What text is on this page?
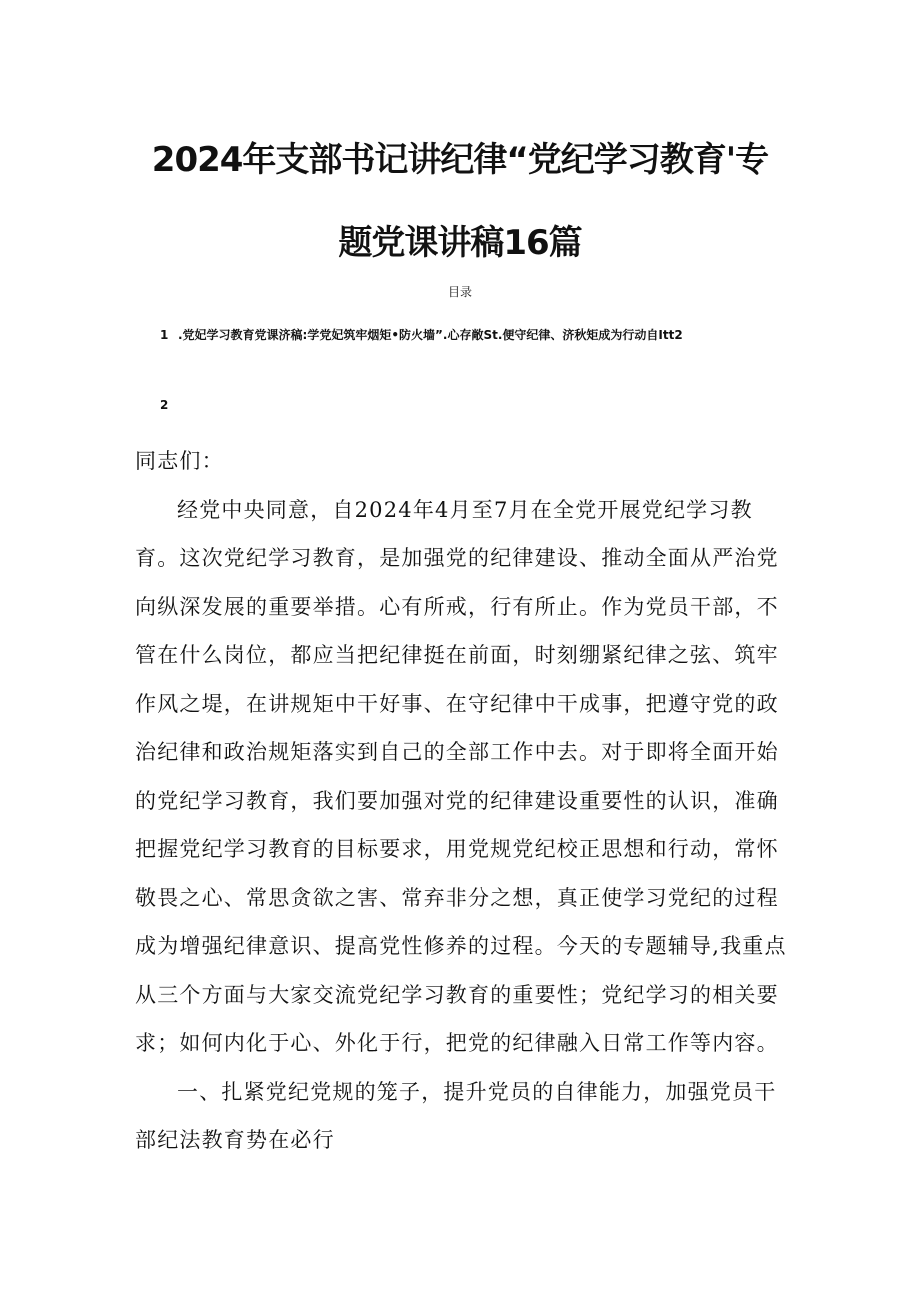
2024年支部书记讲纪律“党纪学习教育'专
题党课讲稿16篇
目录
1 .党妃学习教育党课济稿:学党妃筑牢烟矩•防火墙”.心存敞St.便守纪律、济秋矩成为行动自Itt2
2

同志们：

经党中央同意，自2024年4月至7月在全党开展党纪学习教育。这次党纪学习教育，是加强党的纪律建设、推动全面从严治党向纵深发展的重要举措。心有所戒，行有所止。作为党员干部，不管在什么岗位，都应当把纪律挺在前面，时刻绷紧纪律之弦、筑牢作风之堤，在讲规矩中干好事、在守纪律中干成事，把遵守党的政治纪律和政治规矩落实到自己的全部工作中去。对于即将全面开始的党纪学习教育，我们要加强对党的纪律建设重要性的认识，准确把握党纪学习教育的目标要求，用党规党纪校正思想和行动，常怀敬畏之心、常思贪欲之害、常弃非分之想，真正使学习党纪的过程成为增强纪律意识、提高党性修养的过程。今天的专题辅导,我重点从三个方面与大家交流党纪学习教育的重要性；党纪学习的相关要求；如何内化于心、外化于行，把党的纪律融入日常工作等内容。

一、扎紧党纪党规的笼子，提升党员的自律能力，加强党员干部纪法教育势在必行
